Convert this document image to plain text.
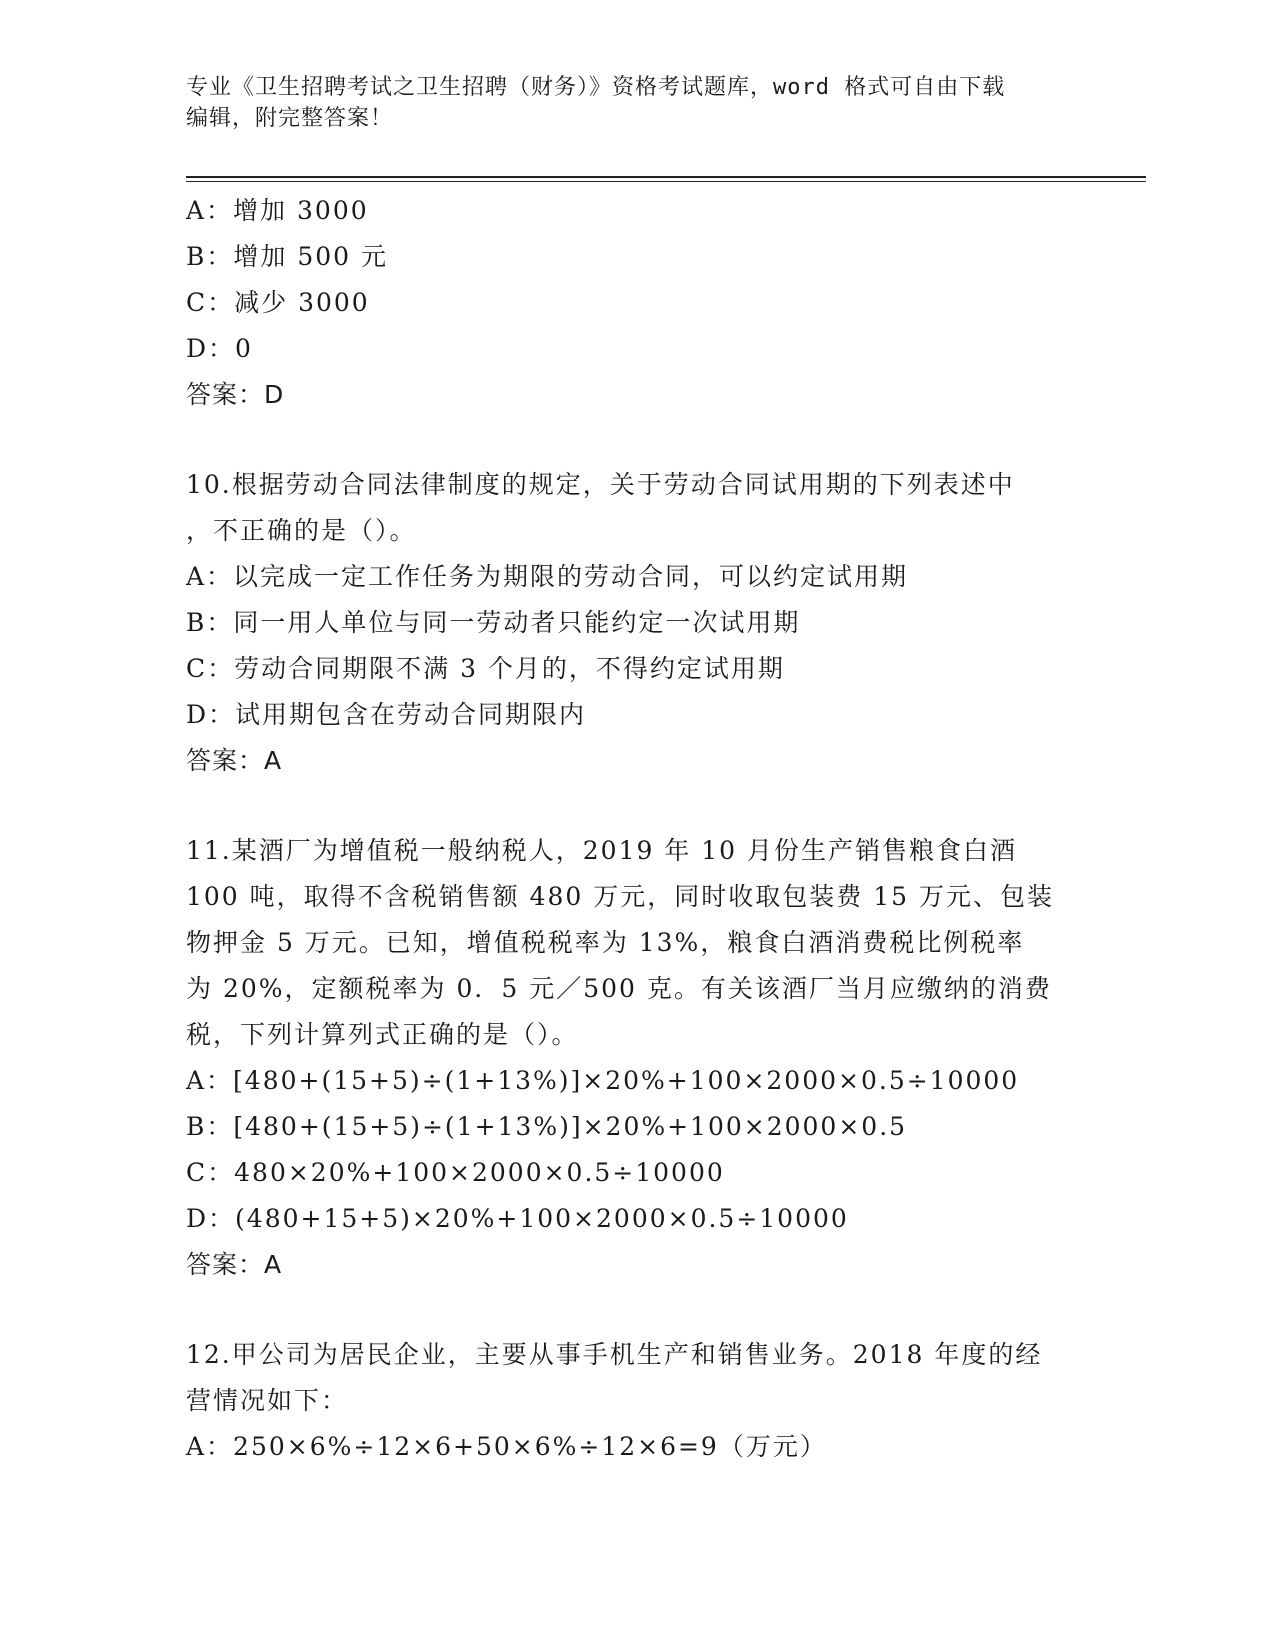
专业《卫生招聘考试之卫生招聘（财务）》资格考试题库，word 格式可自由下载
编辑，附完整答案！
A：增加 3000
B：增加 500 元
C：减少 3000
D：0
答案：D
10.根据劳动合同法律制度的规定，关于劳动合同试用期的下列表述中
，不正确的是（）。
A：以完成一定工作任务为期限的劳动合同，可以约定试用期
B：同一用人单位与同一劳动者只能约定一次试用期
C：劳动合同期限不满 3 个月的，不得约定试用期
D：试用期包含在劳动合同期限内
答案：A
11.某酒厂为增值税一般纳税人，2019 年 10 月份生产销售粮食白酒
100 吨，取得不含税销售额 480 万元，同时收取包装费 15 万元、包装
物押金 5 万元。已知，增值税税率为 13%，粮食白酒消费税比例税率
为 20%，定额税率为 0．5 元／500 克。有关该酒厂当月应缴纳的消费
税，下列计算列式正确的是（）。
A：[480+(15+5)÷(1+13%)]×20%+100×2000×0.5÷10000
B：[480+(15+5)÷(1+13%)]×20%+100×2000×0.5
C：480×20%+100×2000×0.5÷10000
D：(480+15+5)×20%+100×2000×0.5÷10000
答案：A
12.甲公司为居民企业，主要从事手机生产和销售业务。2018 年度的经
营情况如下：
A：250×6%÷12×6+50×6%÷12×6=9（万元）
